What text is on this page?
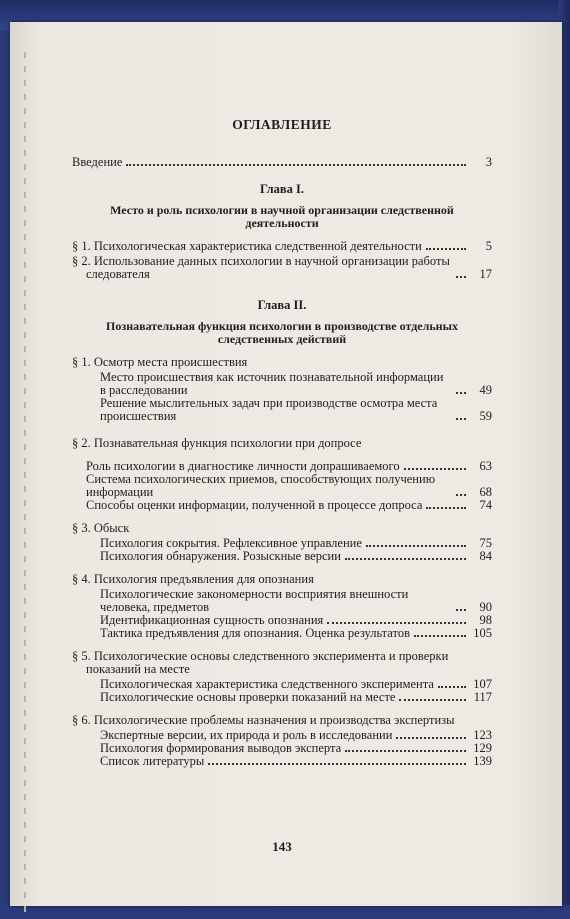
ОГЛАВЛЕНИЕ
Введение	3
Глава I.
Место и роль психологии в научной организации следственной деятельности
§ 1. Психологическая характеристика следственной деятельности	5
§ 2. Использование данных психологии в научной организации работы следователя	17
Глава II.
Познавательная функция психологии в производстве отдельных следственных действий
§ 1. Осмотр места происшествия
Место происшествия как источник познавательной информации в расследовании	49
Решение мыслительных задач при производстве осмотра места происшествия	59
§ 2. Познавательная функция психологии при допросе
Роль психологии в диагностике личности допрашиваемого	63
Система психологических приемов, способствующих получению информации	68
Способы оценки информации, полученной в процессе допроса	74
§ 3. Обыск
Психология сокрытия. Рефлексивное управление	75
Психология обнаружения. Розыскные версии	84
§ 4. Психология предъявления для опознания
Психологические закономерности восприятия внешности человека, предметов	90
Идентификационная сущность опознания	98
Тактика предъявления для опознания. Оценка результатов	105
§ 5. Психологические основы следственного эксперимента и проверки показаний на месте
Психологическая характеристика следственного эксперимента	107
Психологические основы проверки показаний на месте	117
§ 6. Психологические проблемы назначения и производства экспертизы
Экспертные версии, их природа и роль в исследовании	123
Психология формирования выводов эксперта	129
Список литературы	139
143
